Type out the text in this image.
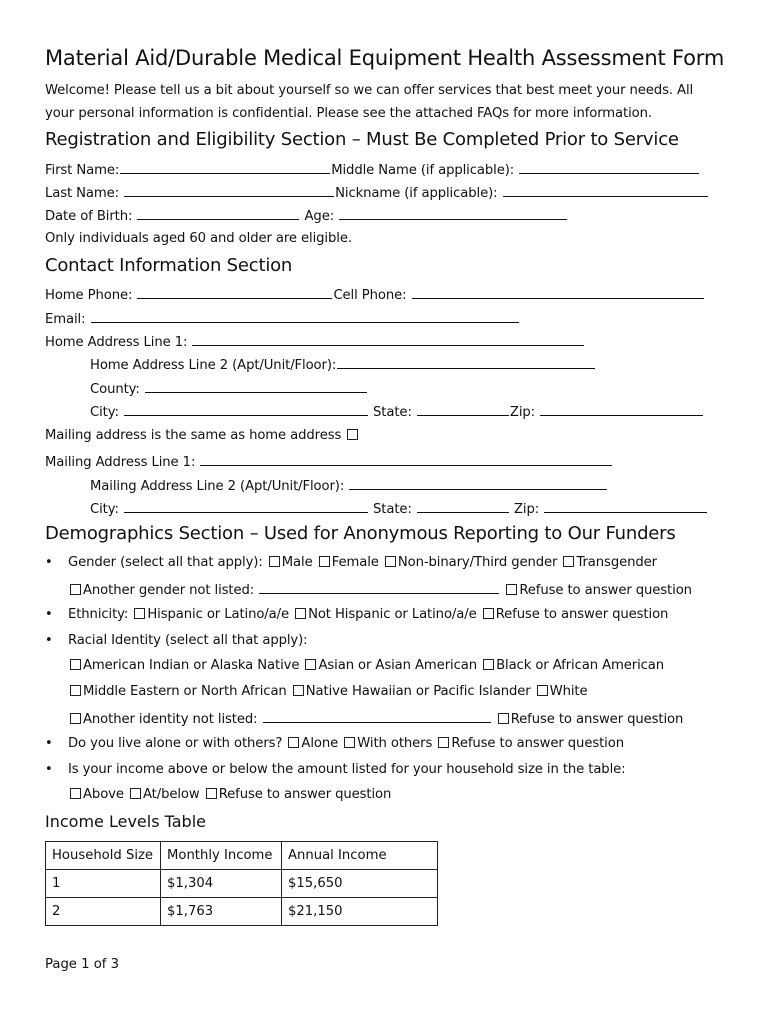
Material Aid/Durable Medical Equipment Health Assessment Form
Welcome! Please tell us a bit about yourself so we can offer services that best meet your needs. All
your personal information is confidential. Please see the attached FAQs for more information.
Registration and Eligibility Section – Must Be Completed Prior to Service
First Name:	Middle Name (if applicable):
Last Name:	Nickname (if applicable):
Date of Birth:	Age:
Only individuals aged 60 and older are eligible.
Contact Information Section
Home Phone:	Cell Phone:
Email:
Home Address Line 1:
Home Address Line 2 (Apt/Unit/Floor):
County:
City:	State:	Zip:
Mailing address is the same as home address
Mailing Address Line 1:
Mailing Address Line 2 (Apt/Unit/Floor):
City:	State:	Zip:
Demographics Section – Used for Anonymous Reporting to Our Funders
• Gender (select all that apply): Male Female Non-binary/Third gender Transgender
Another gender not listed:	Refuse to answer question
• Ethnicity: Hispanic or Latino/a/e Not Hispanic or Latino/a/e Refuse to answer question
• Racial Identity (select all that apply):
American Indian or Alaska Native Asian or Asian American Black or African American
Middle Eastern or North African Native Hawaiian or Pacific Islander White
Another identity not listed:	Refuse to answer question
• Do you live alone or with others? Alone With others Refuse to answer question
• Is your income above or below the amount listed for your household size in the table:
Above At/below Refuse to answer question
Income Levels Table
Household Size	Monthly Income	Annual Income
1	$1,304	$15,650
2	$1,763	$21,150
Page 1 of 3
